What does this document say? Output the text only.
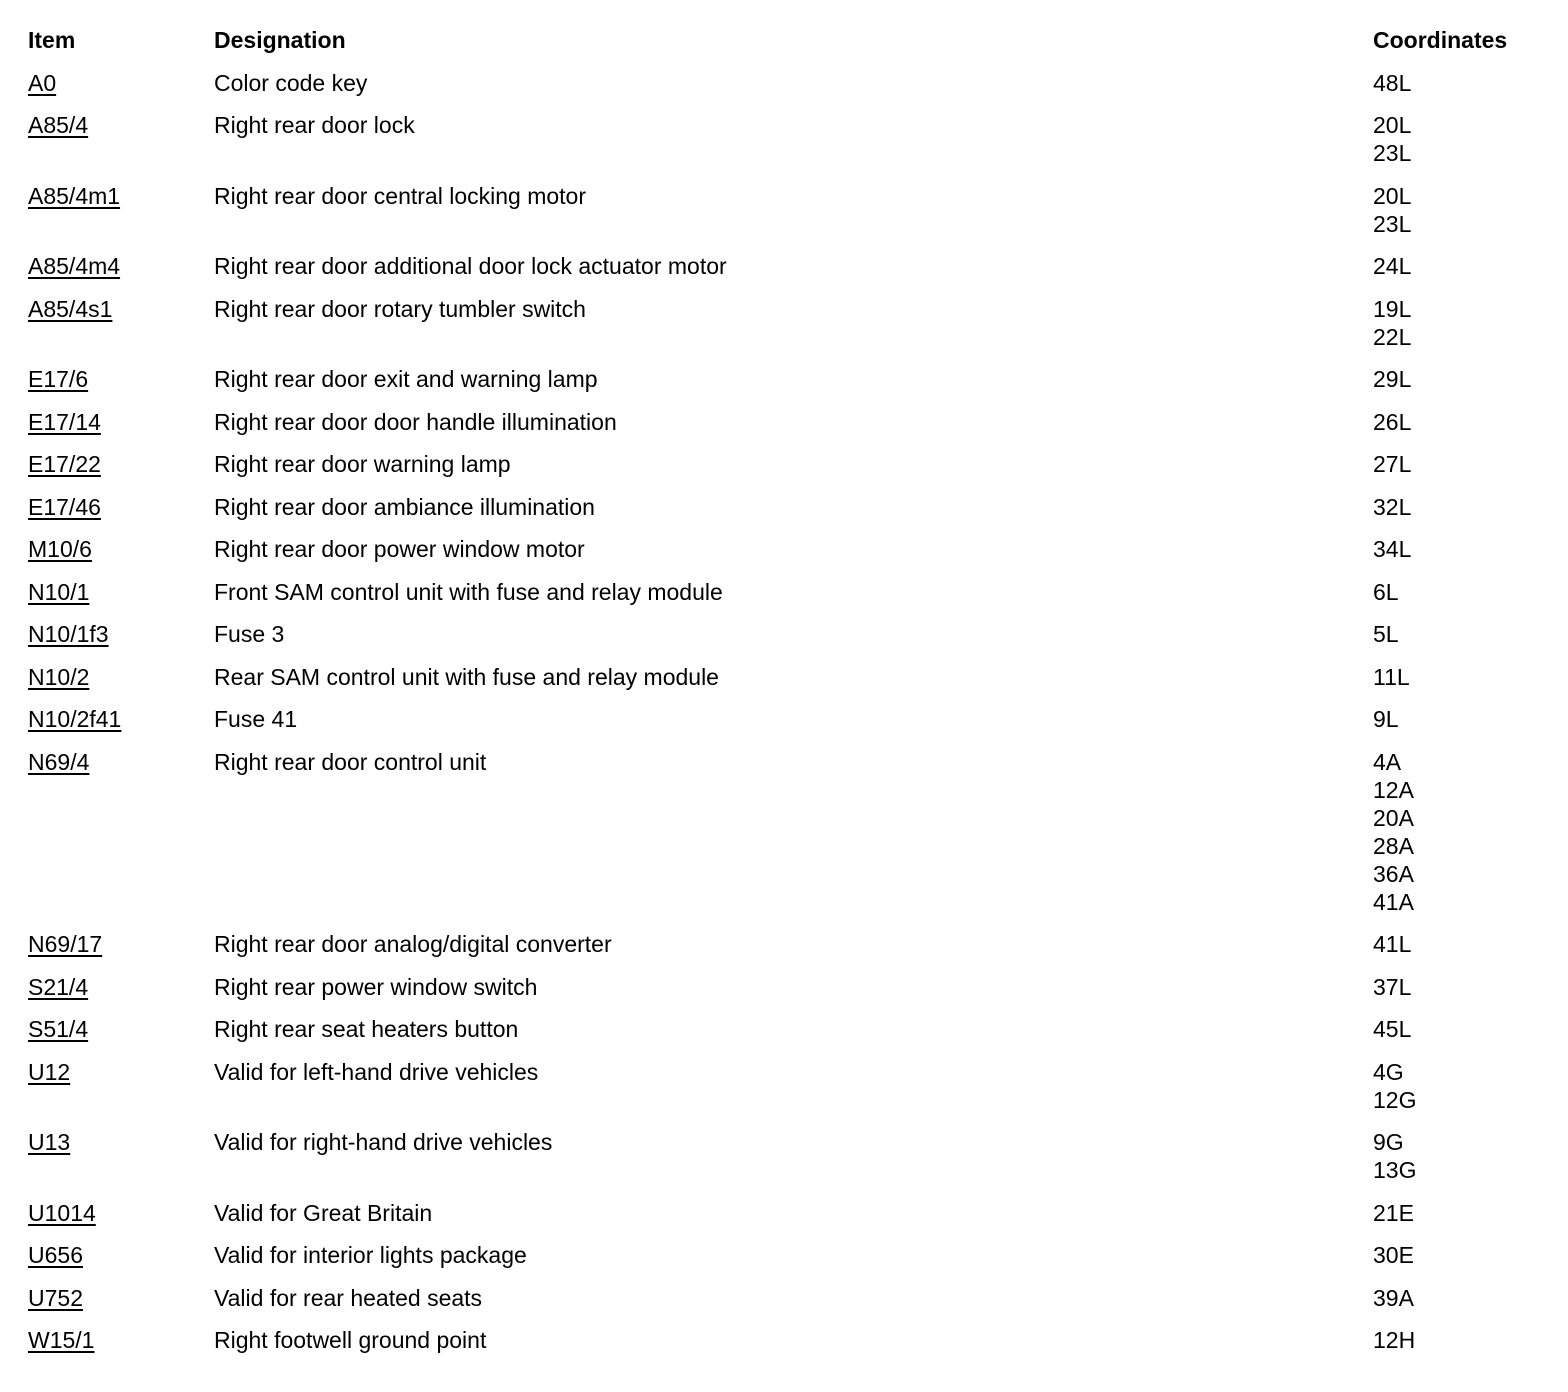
Item	Designation	Coordinates
A0	Color code key	48L
A85/4	Right rear door lock	20L
23L
A85/4m1	Right rear door central locking motor	20L
23L
A85/4m4	Right rear door additional door lock actuator motor	24L
A85/4s1	Right rear door rotary tumbler switch	19L
22L
E17/6	Right rear door exit and warning lamp	29L
E17/14	Right rear door door handle illumination	26L
E17/22	Right rear door warning lamp	27L
E17/46	Right rear door ambiance illumination	32L
M10/6	Right rear door power window motor	34L
N10/1	Front SAM control unit with fuse and relay module	6L
N10/1f3	Fuse 3	5L
N10/2	Rear SAM control unit with fuse and relay module	11L
N10/2f41	Fuse 41	9L
N69/4	Right rear door control unit	4A
12A
20A
28A
36A
41A
N69/17	Right rear door analog/digital converter	41L
S21/4	Right rear power window switch	37L
S51/4	Right rear seat heaters button	45L
U12	Valid for left-hand drive vehicles	4G
12G
U13	Valid for right-hand drive vehicles	9G
13G
U1014	Valid for Great Britain	21E
U656	Valid for interior lights package	30E
U752	Valid for rear heated seats	39A
W15/1	Right footwell ground point	12H
